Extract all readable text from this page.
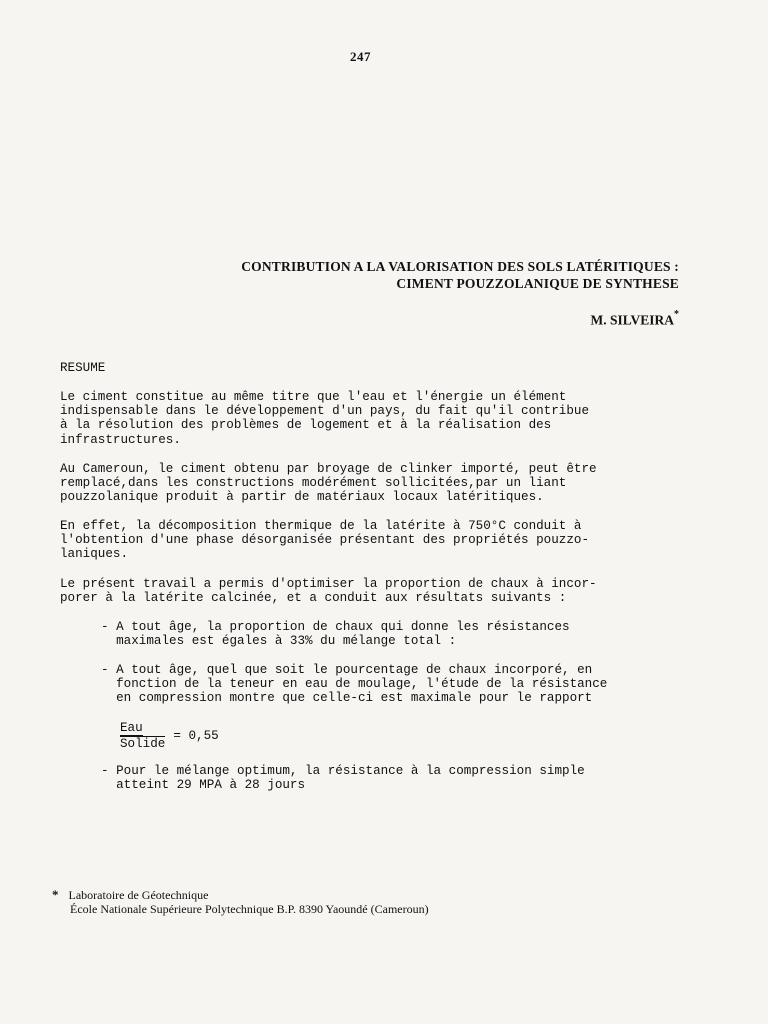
247
CONTRIBUTION A LA VALORISATION DES SOLS LATÉRITIQUES :
CIMENT POUZZOLANIQUE DE SYNTHESE
M. SILVEIRA*
RESUME
Le ciment constitue au même titre que l'eau et l'énergie un élément
indispensable dans le développement d'un pays, du fait qu'il contribue
à la résolution des problèmes de logement et à la réalisation des
infrastructures.
Au Cameroun, le ciment obtenu par broyage de clinker importé, peut être
remplacé,dans les constructions modérément sollicitées,par un liant
pouzzolanique produit à partir de matériaux locaux latéritiques.
En effet, la décomposition thermique de la latérite à 750°C conduit à
l'obtention d'une phase désorganisée présentant des propriétés pouzzo-
laniques.
Le présent travail a permis d'optimiser la proportion de chaux à incor-
porer à la latérite calcinée, et a conduit aux résultats suivants :
- A tout âge, la proportion de chaux qui donne les résistances
maximales est égales à 33% du mélange total :
- A tout âge, quel que soit le pourcentage de chaux incorporé, en
fonction de la teneur en eau de moulage, l'étude de la résistance
en compression montre que celle-ci est maximale pour le rapport
$\frac{\text{Eau}}{\text{Solide}} = 0,55$
- Pour le mélange optimum, la résistance à la compression simple
atteint 29 MPA à 28 jours
* Laboratoire de Géotechnique
École Nationale Supérieure Polytechnique B.P. 8390 Yaoundé (Cameroun)
